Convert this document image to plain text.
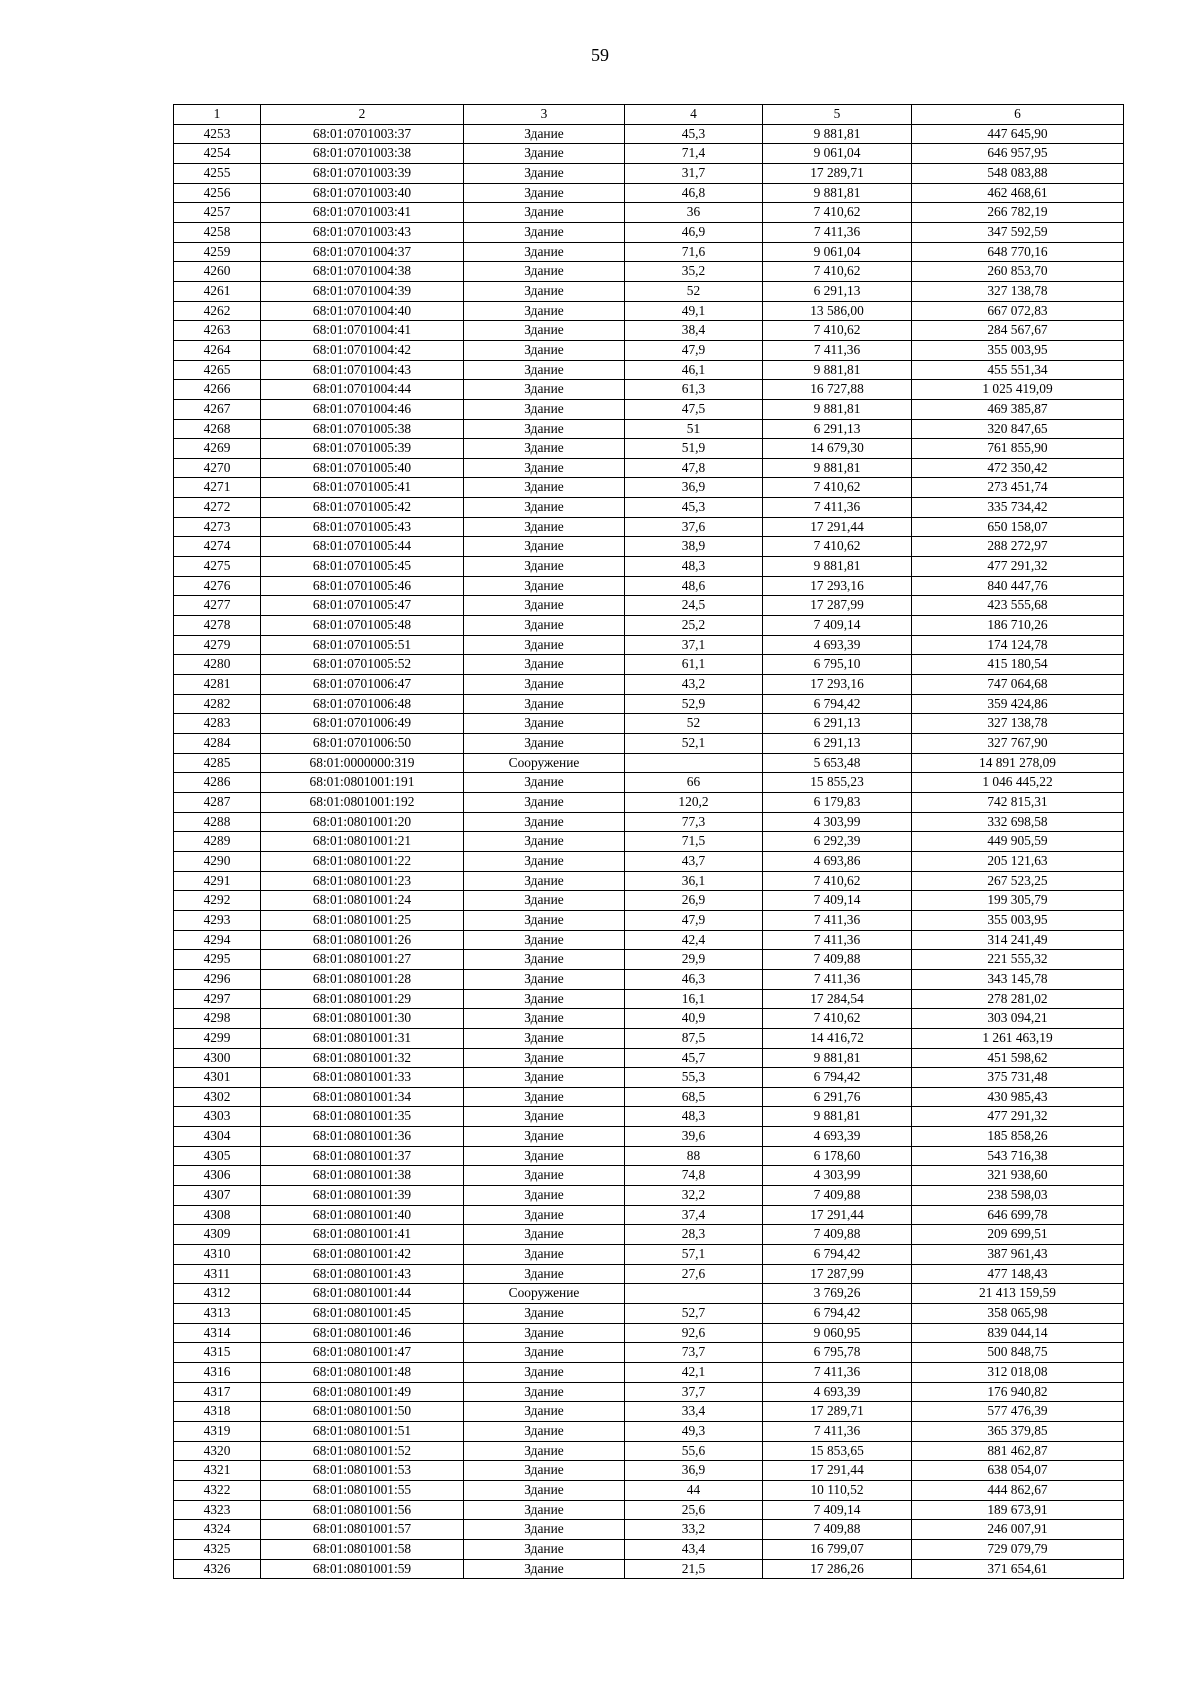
59
1	2	3	4	5	6
4253	68:01:0701003:37	Здание	45,3	9 881,81	447 645,90
4254	68:01:0701003:38	Здание	71,4	9 061,04	646 957,95
4255	68:01:0701003:39	Здание	31,7	17 289,71	548 083,88
4256	68:01:0701003:40	Здание	46,8	9 881,81	462 468,61
4257	68:01:0701003:41	Здание	36	7 410,62	266 782,19
4258	68:01:0701003:43	Здание	46,9	7 411,36	347 592,59
4259	68:01:0701004:37	Здание	71,6	9 061,04	648 770,16
4260	68:01:0701004:38	Здание	35,2	7 410,62	260 853,70
4261	68:01:0701004:39	Здание	52	6 291,13	327 138,78
4262	68:01:0701004:40	Здание	49,1	13 586,00	667 072,83
4263	68:01:0701004:41	Здание	38,4	7 410,62	284 567,67
4264	68:01:0701004:42	Здание	47,9	7 411,36	355 003,95
4265	68:01:0701004:43	Здание	46,1	9 881,81	455 551,34
4266	68:01:0701004:44	Здание	61,3	16 727,88	1 025 419,09
4267	68:01:0701004:46	Здание	47,5	9 881,81	469 385,87
4268	68:01:0701005:38	Здание	51	6 291,13	320 847,65
4269	68:01:0701005:39	Здание	51,9	14 679,30	761 855,90
4270	68:01:0701005:40	Здание	47,8	9 881,81	472 350,42
4271	68:01:0701005:41	Здание	36,9	7 410,62	273 451,74
4272	68:01:0701005:42	Здание	45,3	7 411,36	335 734,42
4273	68:01:0701005:43	Здание	37,6	17 291,44	650 158,07
4274	68:01:0701005:44	Здание	38,9	7 410,62	288 272,97
4275	68:01:0701005:45	Здание	48,3	9 881,81	477 291,32
4276	68:01:0701005:46	Здание	48,6	17 293,16	840 447,76
4277	68:01:0701005:47	Здание	24,5	17 287,99	423 555,68
4278	68:01:0701005:48	Здание	25,2	7 409,14	186 710,26
4279	68:01:0701005:51	Здание	37,1	4 693,39	174 124,78
4280	68:01:0701005:52	Здание	61,1	6 795,10	415 180,54
4281	68:01:0701006:47	Здание	43,2	17 293,16	747 064,68
4282	68:01:0701006:48	Здание	52,9	6 794,42	359 424,86
4283	68:01:0701006:49	Здание	52	6 291,13	327 138,78
4284	68:01:0701006:50	Здание	52,1	6 291,13	327 767,90
4285	68:01:0000000:319	Сооружение		5 653,48	14 891 278,09
4286	68:01:0801001:191	Здание	66	15 855,23	1 046 445,22
4287	68:01:0801001:192	Здание	120,2	6 179,83	742 815,31
4288	68:01:0801001:20	Здание	77,3	4 303,99	332 698,58
4289	68:01:0801001:21	Здание	71,5	6 292,39	449 905,59
4290	68:01:0801001:22	Здание	43,7	4 693,86	205 121,63
4291	68:01:0801001:23	Здание	36,1	7 410,62	267 523,25
4292	68:01:0801001:24	Здание	26,9	7 409,14	199 305,79
4293	68:01:0801001:25	Здание	47,9	7 411,36	355 003,95
4294	68:01:0801001:26	Здание	42,4	7 411,36	314 241,49
4295	68:01:0801001:27	Здание	29,9	7 409,88	221 555,32
4296	68:01:0801001:28	Здание	46,3	7 411,36	343 145,78
4297	68:01:0801001:29	Здание	16,1	17 284,54	278 281,02
4298	68:01:0801001:30	Здание	40,9	7 410,62	303 094,21
4299	68:01:0801001:31	Здание	87,5	14 416,72	1 261 463,19
4300	68:01:0801001:32	Здание	45,7	9 881,81	451 598,62
4301	68:01:0801001:33	Здание	55,3	6 794,42	375 731,48
4302	68:01:0801001:34	Здание	68,5	6 291,76	430 985,43
4303	68:01:0801001:35	Здание	48,3	9 881,81	477 291,32
4304	68:01:0801001:36	Здание	39,6	4 693,39	185 858,26
4305	68:01:0801001:37	Здание	88	6 178,60	543 716,38
4306	68:01:0801001:38	Здание	74,8	4 303,99	321 938,60
4307	68:01:0801001:39	Здание	32,2	7 409,88	238 598,03
4308	68:01:0801001:40	Здание	37,4	17 291,44	646 699,78
4309	68:01:0801001:41	Здание	28,3	7 409,88	209 699,51
4310	68:01:0801001:42	Здание	57,1	6 794,42	387 961,43
4311	68:01:0801001:43	Здание	27,6	17 287,99	477 148,43
4312	68:01:0801001:44	Сооружение		3 769,26	21 413 159,59
4313	68:01:0801001:45	Здание	52,7	6 794,42	358 065,98
4314	68:01:0801001:46	Здание	92,6	9 060,95	839 044,14
4315	68:01:0801001:47	Здание	73,7	6 795,78	500 848,75
4316	68:01:0801001:48	Здание	42,1	7 411,36	312 018,08
4317	68:01:0801001:49	Здание	37,7	4 693,39	176 940,82
4318	68:01:0801001:50	Здание	33,4	17 289,71	577 476,39
4319	68:01:0801001:51	Здание	49,3	7 411,36	365 379,85
4320	68:01:0801001:52	Здание	55,6	15 853,65	881 462,87
4321	68:01:0801001:53	Здание	36,9	17 291,44	638 054,07
4322	68:01:0801001:55	Здание	44	10 110,52	444 862,67
4323	68:01:0801001:56	Здание	25,6	7 409,14	189 673,91
4324	68:01:0801001:57	Здание	33,2	7 409,88	246 007,91
4325	68:01:0801001:58	Здание	43,4	16 799,07	729 079,79
4326	68:01:0801001:59	Здание	21,5	17 286,26	371 654,61
